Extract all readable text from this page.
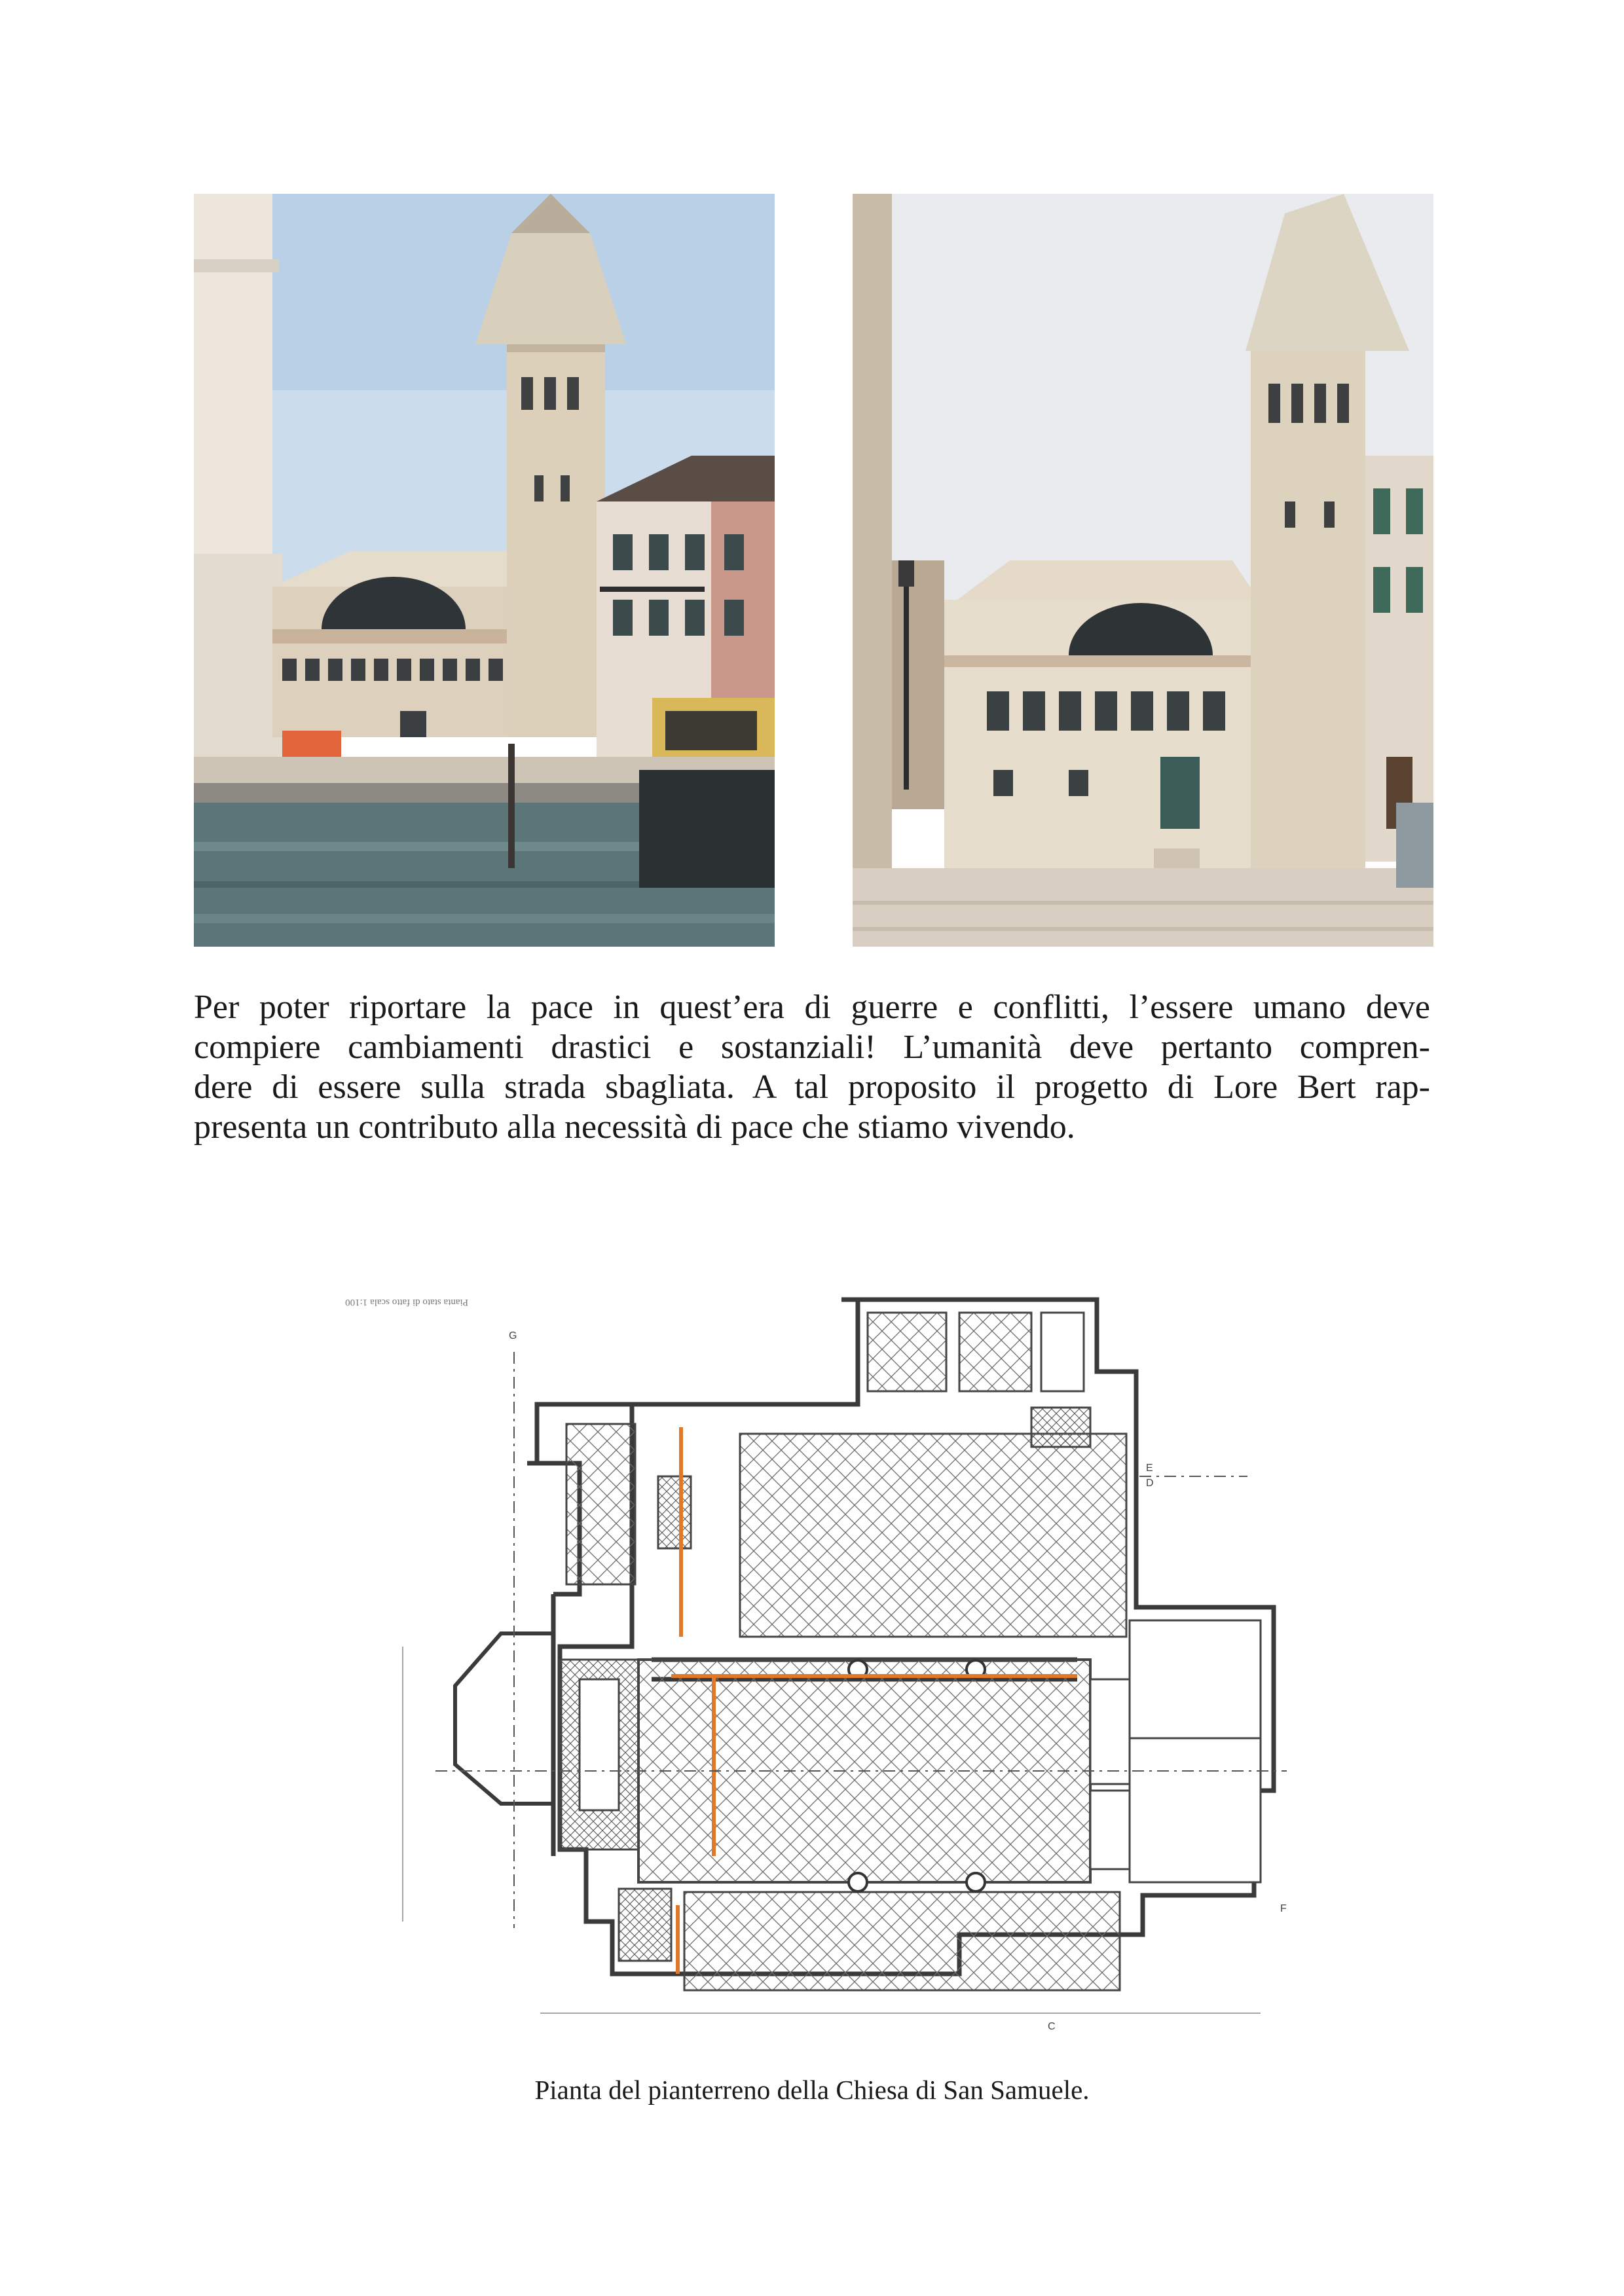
Per poter riportare la pace in quest’era di guerre e conflitti, l’essere umano deve
compiere cambiamenti drastici e sostanziali! L’umanità deve pertanto compren-
dere di essere sulla strada sbagliata. A tal proposito il progetto di Lore Bert rap-
presenta un contributo alla necessità di pace che stiamo vivendo.

Pianta stato di fatto scala 1:100
G
E
D
F
C

Pianta del pianterreno della Chiesa di San Samuele.
